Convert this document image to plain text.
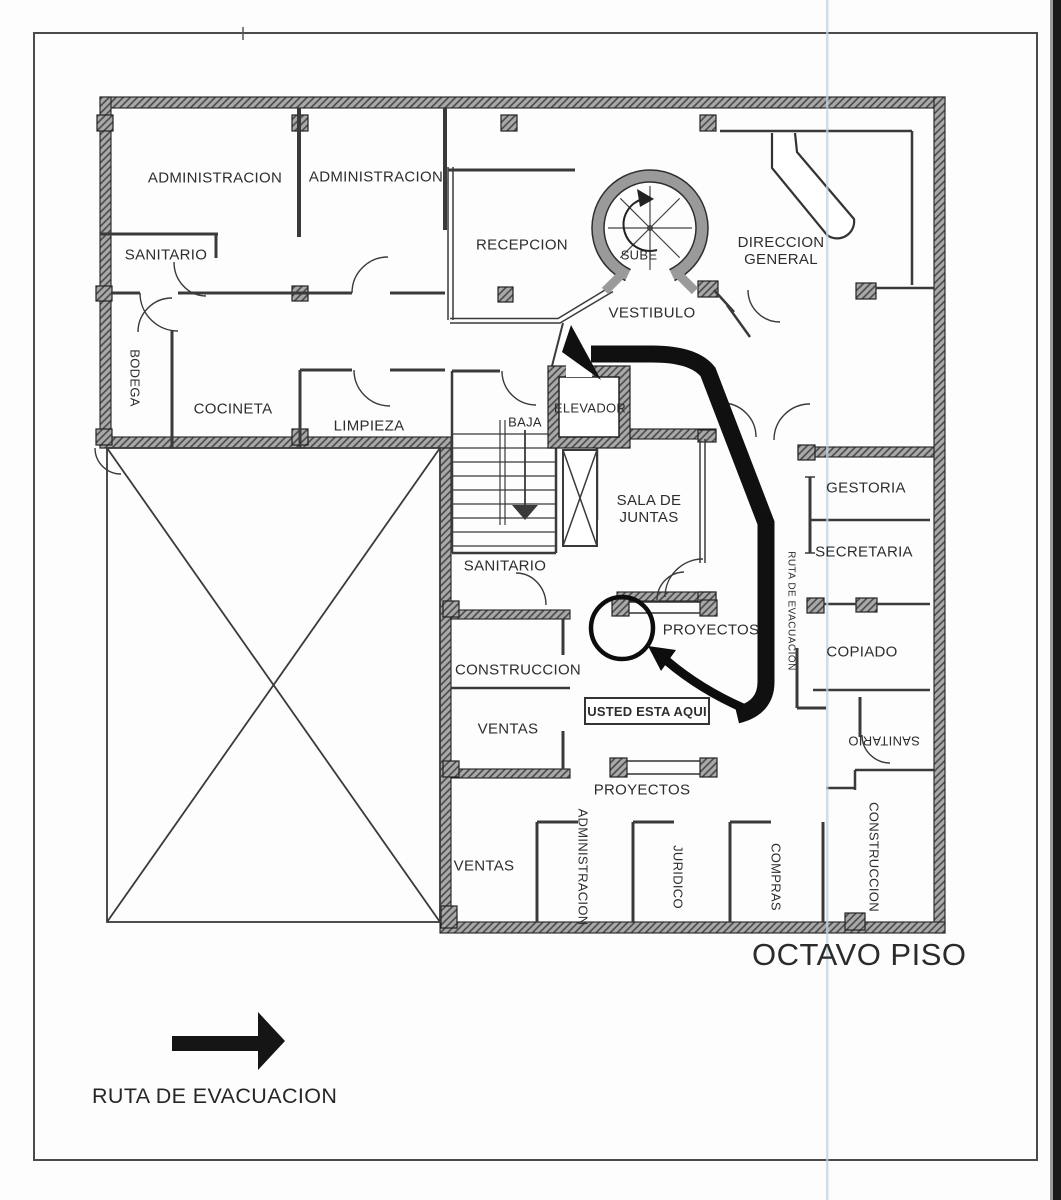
ADMINISTRACION ADMINISTRACION
SANITARIO
BODEGA
COCINETA
LIMPIEZA
RECEPCION
SUBE
VESTIBULO
DIRECCION GENERAL
BAJA
ELEVADOR
SALA DE JUNTAS
SANITARIO
GESTORIA
SECRETARIA
COPIADO
SANITARIO
PROYECTOS
CONSTRUCCION
VENTAS
PROYECTOS
VENTAS	ADMINISTRACION	JURIDICO	COMPRAS	CONSTRUCCION
RUTA DE EVACUACION
USTED ESTA AQUI
OCTAVO PISO
RUTA DE EVACUACION
